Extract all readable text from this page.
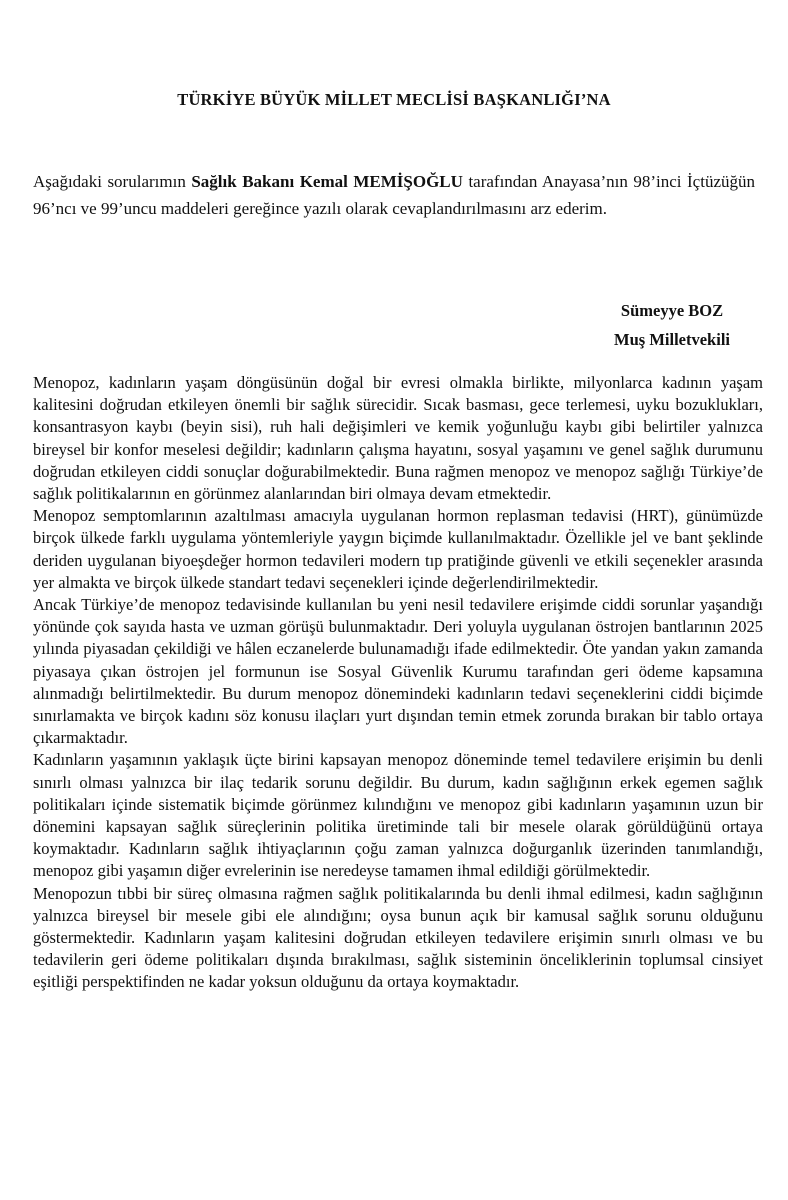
TÜRKİYE BÜYÜK MİLLET MECLİSİ BAŞKANLIĞI’NA

Aşağıdaki sorularımın Sağlık Bakanı Kemal MEMİŞOĞLU tarafından Anayasa’nın 98’inci İçtüzüğün 96’ncı ve 99’uncu maddeleri gereğince yazılı olarak cevaplandırılmasını arz ederim.

Sümeyye BOZ
Muş Milletvekili

Menopoz, kadınların yaşam döngüsünün doğal bir evresi olmakla birlikte, milyonlarca kadının yaşam kalitesini doğrudan etkileyen önemli bir sağlık sürecidir. Sıcak basması, gece terlemesi, uyku bozuklukları, konsantrasyon kaybı (beyin sisi), ruh hali değişimleri ve kemik yoğunluğu kaybı gibi belirtiler yalnızca bireysel bir konfor meselesi değildir; kadınların çalışma hayatını, sosyal yaşamını ve genel sağlık durumunu doğrudan etkileyen ciddi sonuçlar doğurabilmektedir. Buna rağmen menopoz ve menopoz sağlığı Türkiye’de sağlık politikalarının en görünmez alanlarından biri olmaya devam etmektedir.

Menopoz semptomlarının azaltılması amacıyla uygulanan hormon replasman tedavisi (HRT), günümüzde birçok ülkede farklı uygulama yöntemleriyle yaygın biçimde kullanılmaktadır. Özellikle jel ve bant şeklinde deriden uygulanan biyoeşdeğer hormon tedavileri modern tıp pratiğinde güvenli ve etkili seçenekler arasında yer almakta ve birçok ülkede standart tedavi seçenekleri içinde değerlendirilmektedir.

Ancak Türkiye’de menopoz tedavisinde kullanılan bu yeni nesil tedavilere erişimde ciddi sorunlar yaşandığı yönünde çok sayıda hasta ve uzman görüşü bulunmaktadır. Deri yoluyla uygulanan östrojen bantlarının 2025 yılında piyasadan çekildiği ve hâlen eczanelerde bulunamadığı ifade edilmektedir. Öte yandan yakın zamanda piyasaya çıkan östrojen jel formunun ise Sosyal Güvenlik Kurumu tarafından geri ödeme kapsamına alınmadığı belirtilmektedir. Bu durum menopoz dönemindeki kadınların tedavi seçeneklerini ciddi biçimde sınırlamakta ve birçok kadını söz konusu ilaçları yurt dışından temin etmek zorunda bırakan bir tablo ortaya çıkarmaktadır.

Kadınların yaşamının yaklaşık üçte birini kapsayan menopoz döneminde temel tedavilere erişimin bu denli sınırlı olması yalnızca bir ilaç tedarik sorunu değildir. Bu durum, kadın sağlığının erkek egemen sağlık politikaları içinde sistematik biçimde görünmez kılındığını ve menopoz gibi kadınların yaşamının uzun bir dönemini kapsayan sağlık süreçlerinin politika üretiminde tali bir mesele olarak görüldüğünü ortaya koymaktadır. Kadınların sağlık ihtiyaçlarının çoğu zaman yalnızca doğurganlık üzerinden tanımlandığı, menopoz gibi yaşamın diğer evrelerinin ise neredeyse tamamen ihmal edildiği görülmektedir.

Menopozun tıbbi bir süreç olmasına rağmen sağlık politikalarında bu denli ihmal edilmesi, kadın sağlığının yalnızca bireysel bir mesele gibi ele alındığını; oysa bunun açık bir kamusal sağlık sorunu olduğunu göstermektedir. Kadınların yaşam kalitesini doğrudan etkileyen tedavilere erişimin sınırlı olması ve bu tedavilerin geri ödeme politikaları dışında bırakılması, sağlık sisteminin önceliklerinin toplumsal cinsiyet eşitliği perspektifinden ne kadar yoksun olduğunu da ortaya koymaktadır.
